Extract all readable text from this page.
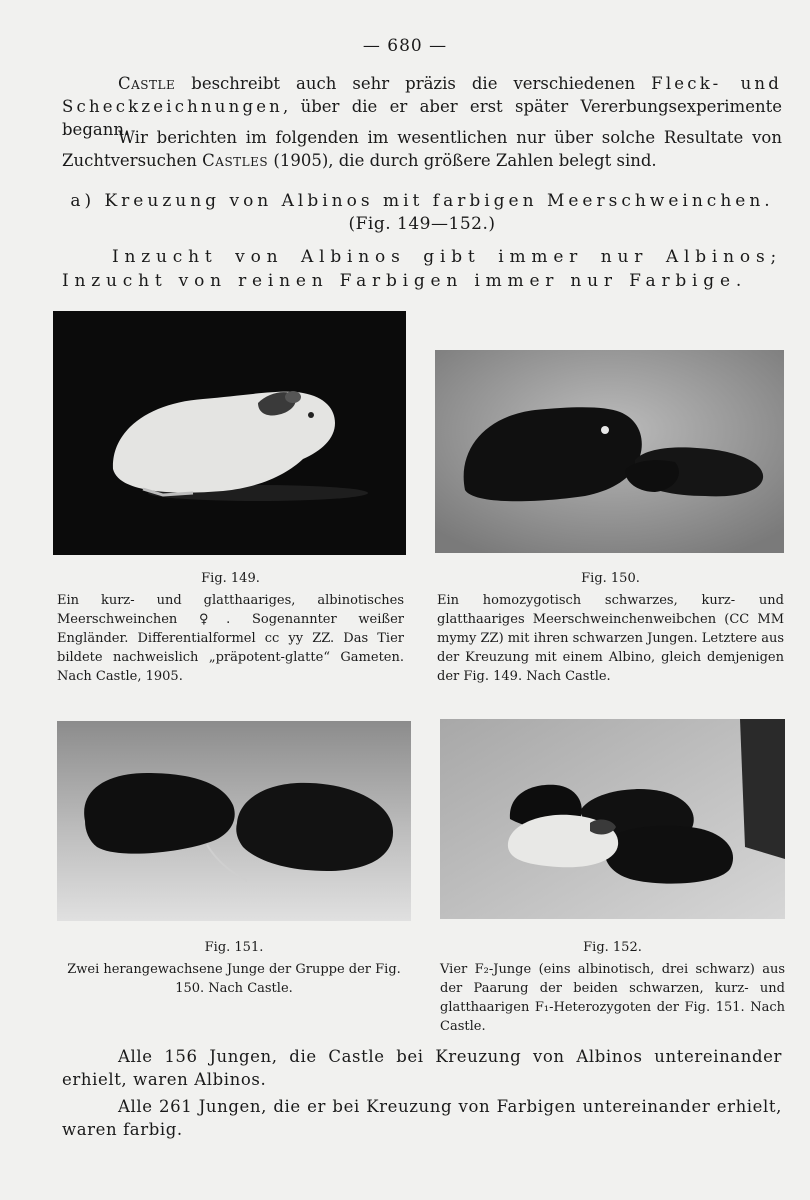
— 680 —
Castle beschreibt auch sehr präzis die verschiedenen Fleck- und Scheckzeichnungen, über die er aber erst später Vererbungsexperimente begann.
Wir berichten im folgenden im wesentlichen nur über solche Resultate von Zuchtversuchen Castles (1905), die durch größere Zahlen belegt sind.
a) Kreuzung von Albinos mit farbigen Meerschweinchen.
(Fig. 149—152.)
Inzucht von Albinos gibt immer nur Albinos; Inzucht von reinen Farbigen immer nur Farbige.
Fig. 149.
Ein kurz- und glatthaariges, albinotisches Meerschweinchen ♀. Sogenannter weißer Engländer. Differentialformel cc yy ZZ. Das Tier bildete nachweislich „präpotent-glatte“ Gameten. Nach Castle, 1905.
Fig. 150.
Ein homozygotisch schwarzes, kurz- und glatthaariges Meerschweinchenweibchen (CC MM mymy ZZ) mit ihren schwarzen Jungen. Letztere aus der Kreuzung mit einem Albino, gleich demjenigen der Fig. 149. Nach Castle.
Fig. 151.
Zwei herangewachsene Junge der Gruppe der Fig. 150. Nach Castle.
Fig. 152.
Vier F₂-Junge (eins albinotisch, drei schwarz) aus der Paarung der beiden schwarzen, kurz- und glatthaarigen F₁-Heterozygoten der Fig. 151. Nach Castle.
Alle 156 Jungen, die Castle bei Kreuzung von Albinos untereinander erhielt, waren Albinos.
Alle 261 Jungen, die er bei Kreuzung von Farbigen untereinander erhielt, waren farbig.
